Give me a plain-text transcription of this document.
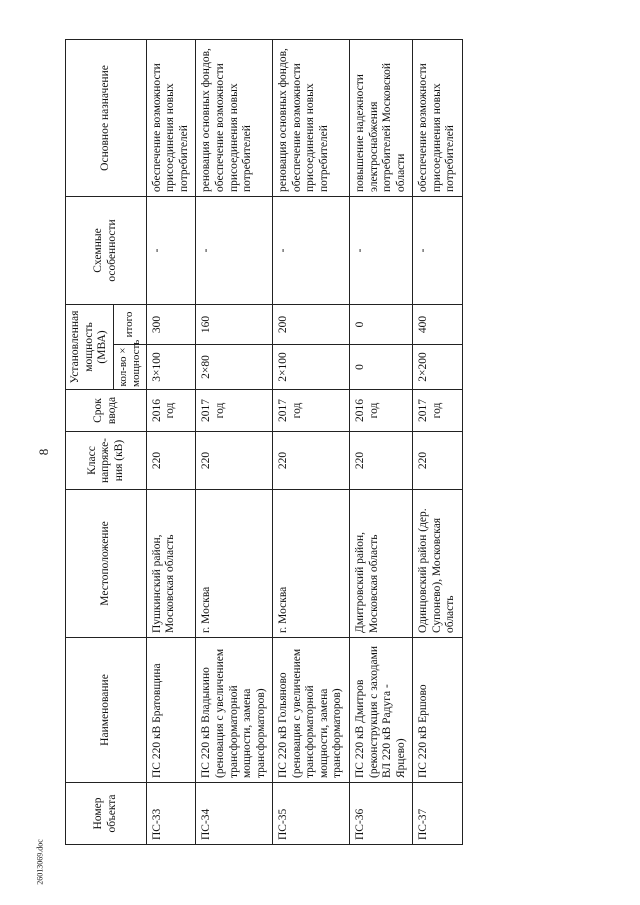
8
26013069.doc
Номер объекта	Наименование	Местоположение	Класс напряже-ния (кВ)	Срок ввода	Установленная мощность (МВА)		Схемные особенности	Основное назначение
					кол-во × мощность	итого		
ПС-33	ПС 220 кВ Братовщина	Пушкинский район, Московская область	220	2016 год	3×100	300	-	обеспечение возможности присоединения новых потребителей
ПС-34	ПС 220 кВ Владыкино (реновация с увеличением трансформаторной мощности, замена трансформаторов)	г. Москва	220	2017 год	2×80	160	-	реновация основных фондов, обеспечение возможности присоединения новых потребителей
ПС-35	ПС 220 кВ Гольяново (реновация с увеличением трансформаторной мощности, замена трансформаторов)	г. Москва	220	2017 год	2×100	200	-	реновация основных фондов, обеспечение возможности присоединения новых потребителей
ПС-36	ПС 220 кВ Дмитров (реконструкция с заходами ВЛ 220 кВ Радуга - Ярцево)	Дмитровский район, Московская область	220	2016 год	0	0	-	повышение надежности электроснабжения потребителей Московской области
ПС-37	ПС 220 кВ Ершово	Одинцовский район (дер. Супонево), Московская область	220	2017 год	2×200	400	-	обеспечение возможности присоединения новых потребителей
